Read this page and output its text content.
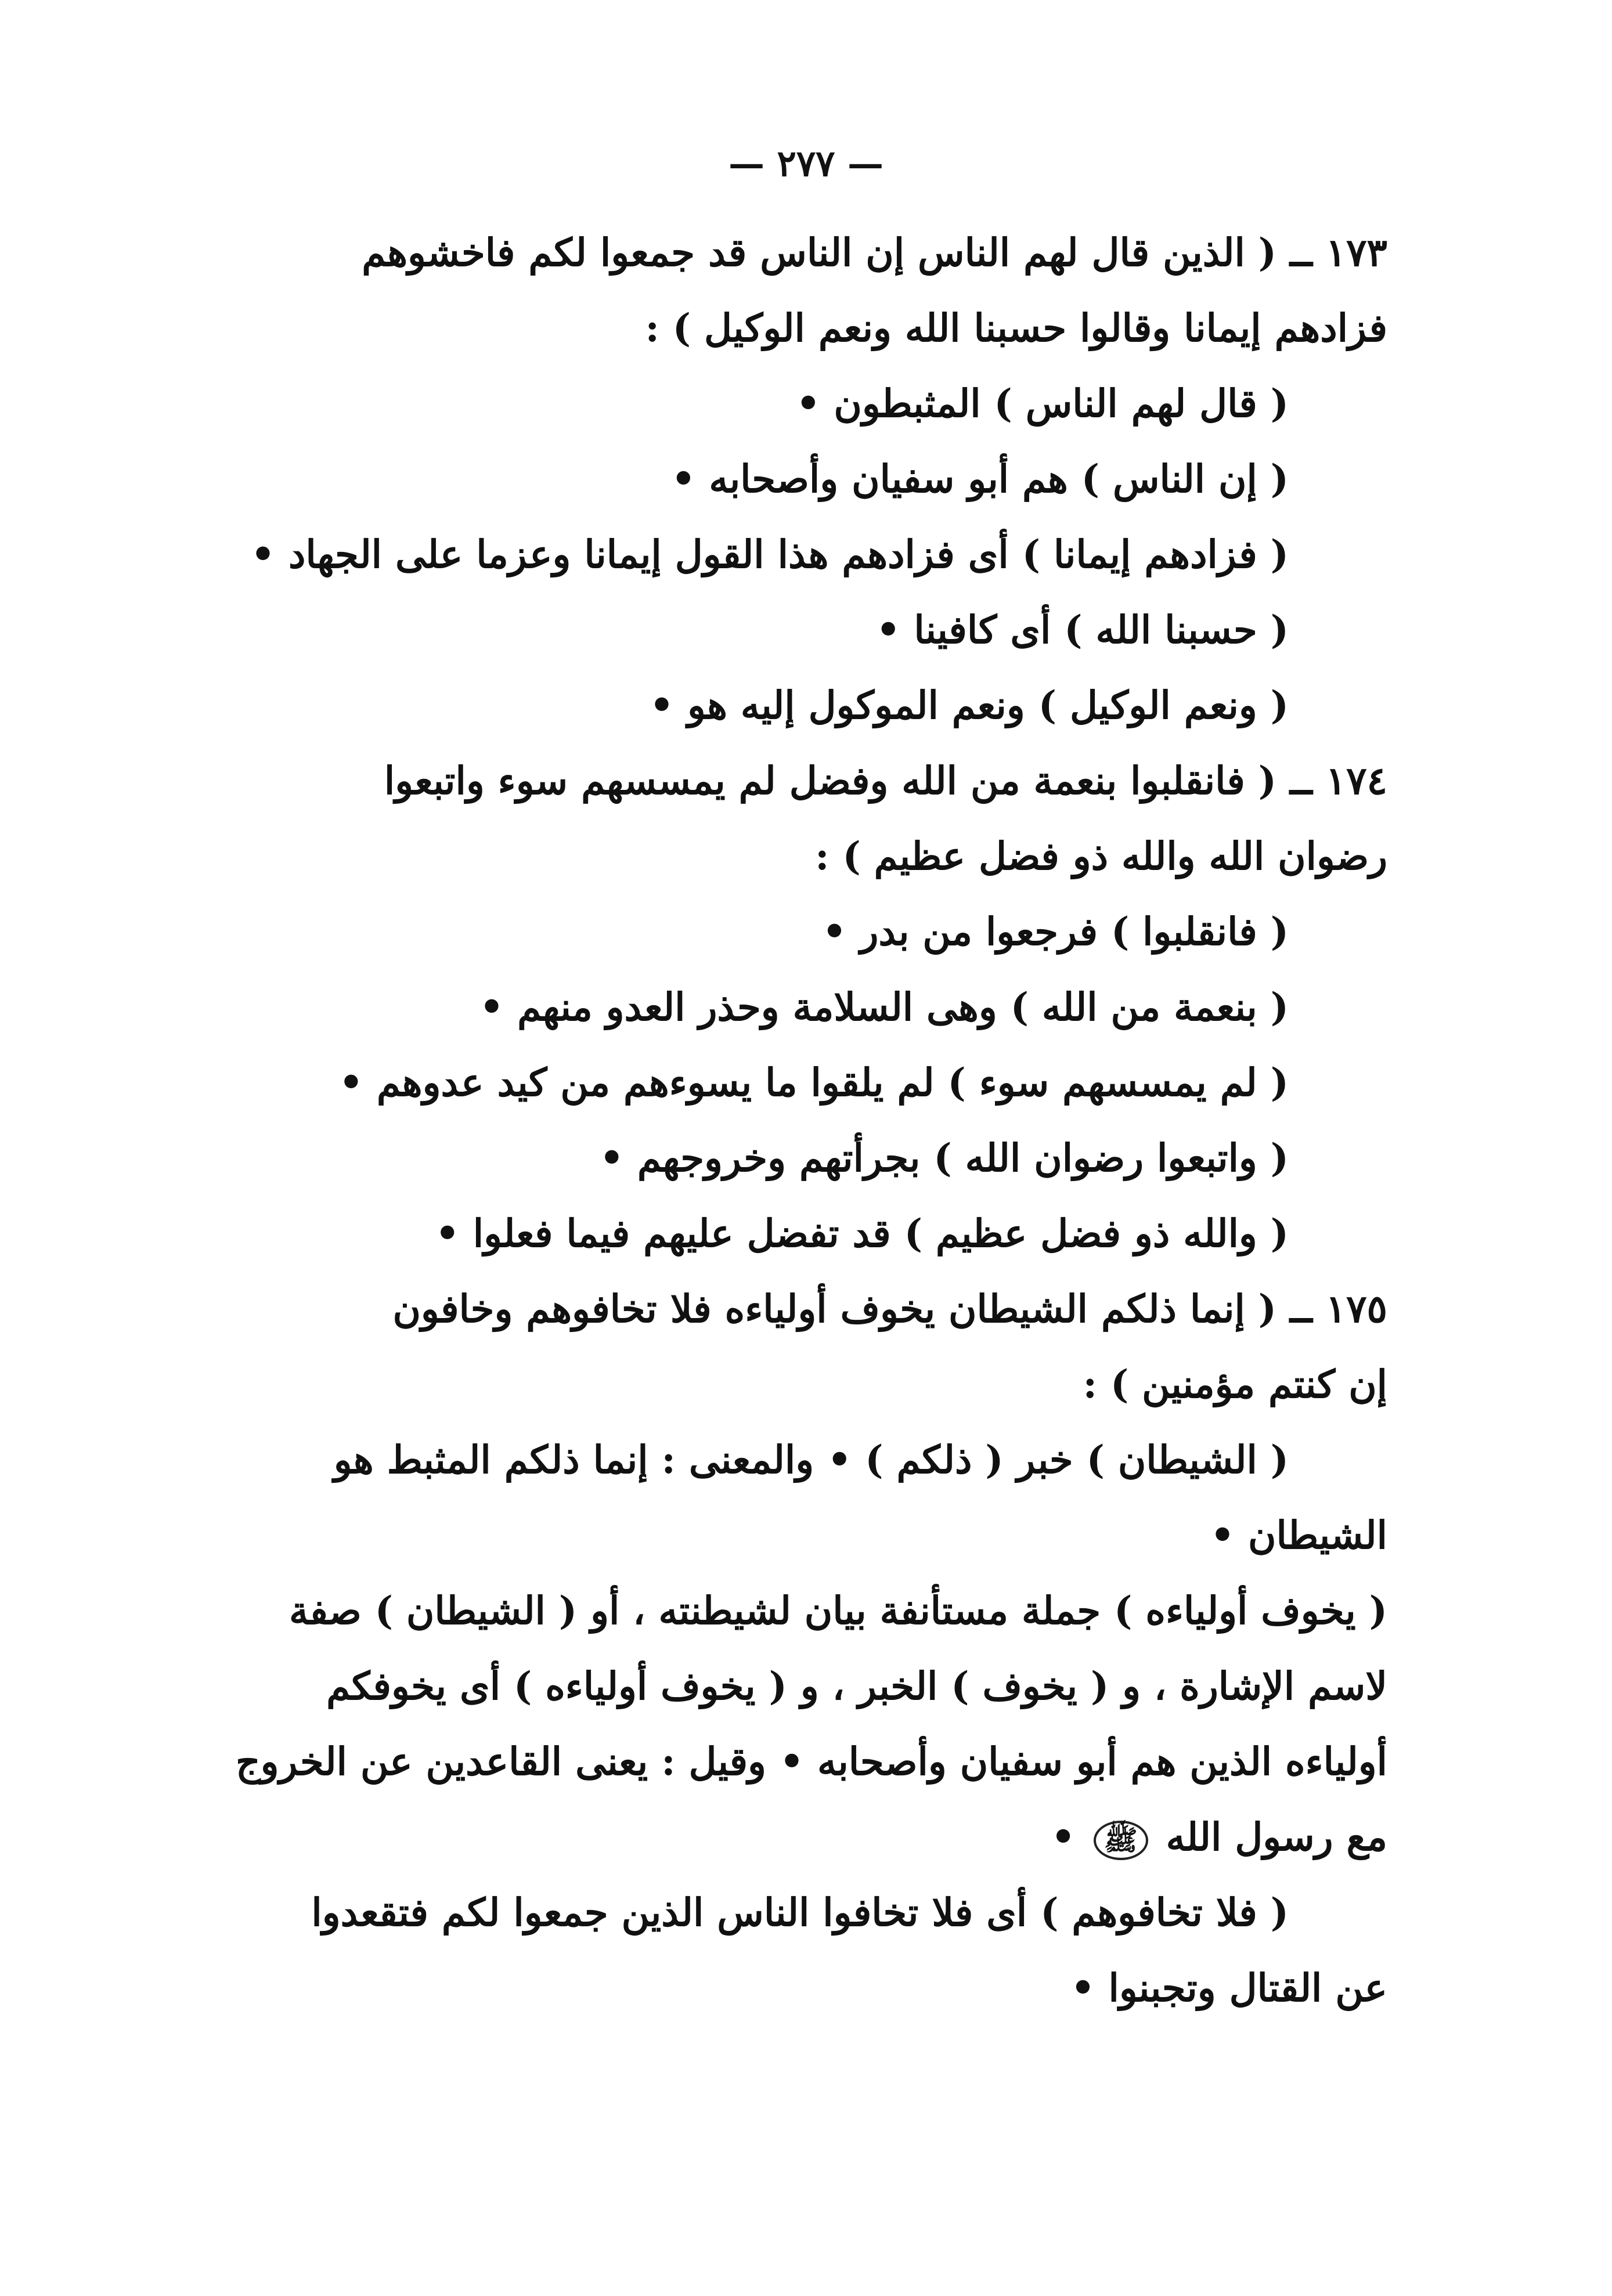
— ٢٧٧ —
١٧٣ ــ ( الذين قال لهم الناس إن الناس قد جمعوا لكم فاخشوهم
فزادهم إيمانا وقالوا حسبنا الله ونعم الوكيل ) :
( قال لهم الناس ) المثبطون •
( إن الناس ) هم أبو سفيان وأصحابه •
( فزادهم إيمانا ) أى فزادهم هذا القول إيمانا وعزما على الجهاد •
( حسبنا الله ) أى كافينا •
( ونعم الوكيل ) ونعم الموكول إليه هو •
١٧٤ ــ ( فانقلبوا بنعمة من الله وفضل لم يمسسهم سوء واتبعوا
رضوان الله والله ذو فضل عظيم ) :
( فانقلبوا ) فرجعوا من بدر •
( بنعمة من الله ) وهى السلامة وحذر العدو منهم •
( لم يمسسهم سوء ) لم يلقوا ما يسوءهم من كيد عدوهم •
( واتبعوا رضوان الله ) بجرأتهم وخروجهم •
( والله ذو فضل عظيم ) قد تفضل عليهم فيما فعلوا •
١٧٥ ــ ( إنما ذلكم الشيطان يخوف أولياءه فلا تخافوهم وخافون
إن كنتم مؤمنين ) :
( الشيطان ) خبر ( ذلكم ) • والمعنى : إنما ذلكم المثبط هو
الشيطان •
( يخوف أولياءه ) جملة مستأنفة بيان لشيطنته ، أو ( الشيطان ) صفة
لاسم الإشارة ، و ( يخوف ) الخبر ، و ( يخوف أولياءه ) أى يخوفكم
أولياءه الذين هم أبو سفيان وأصحابه • وقيل : يعنى القاعدين عن الخروج
مع رسول الله ﷺ •
( فلا تخافوهم ) أى فلا تخافوا الناس الذين جمعوا لكم فتقعدوا
عن القتال وتجبنوا •
